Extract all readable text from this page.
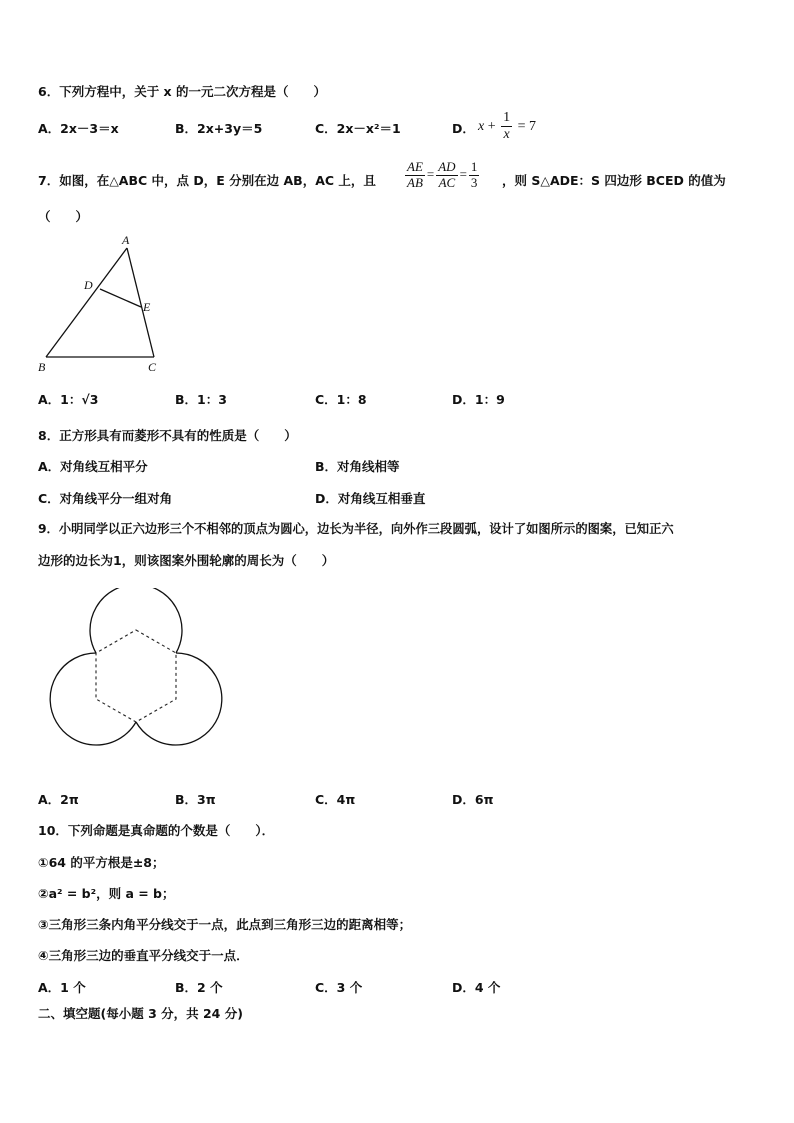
6．下列方程中，关于 x 的一元二次方程是（　　）
A．2x－3＝x	B．2x+3y＝5	C．2x－x²＝1	D． $x + \frac{1}{x} = 7$
7．如图，在△ABC 中，点 D，E 分别在边 AB，AC 上，且 $\frac{AE}{AB} = \frac{AD}{AC} = \frac{1}{3}$ ，则 S△ADE：S 四边形 BCED 的值为
（　　）
A
D
E
B	C
A．1：√3	B．1：3	C．1：8	D．1：9
8．正方形具有而菱形不具有的性质是（　　）
A．对角线互相平分	B．对角线相等
C．对角线平分一组对角	D．对角线互相垂直
9．小明同学以正六边形三个不相邻的顶点为圆心，边长为半径，向外作三段圆弧，设计了如图所示的图案，已知正六
边形的边长为1，则该图案外围轮廓的周长为（　　）
A．2π	B．3π	C．4π	D．6π
10．下列命题是真命题的个数是（　　）．
①64 的平方根是±8；
②a² = b²，则 a = b；
③三角形三条内角平分线交于一点，此点到三角形三边的距离相等；
④三角形三边的垂直平分线交于一点．
A．1 个	B．2 个	C．3 个	D．4 个
二、填空题(每小题 3 分，共 24 分)
